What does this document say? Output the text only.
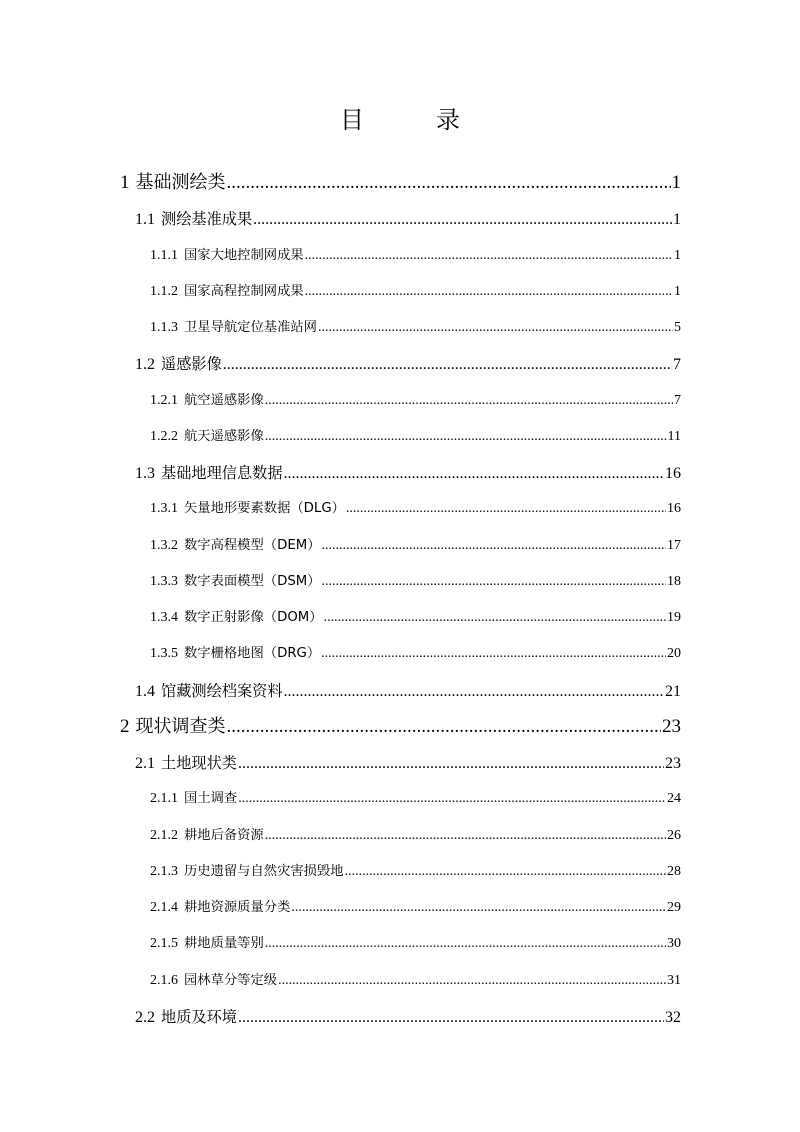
目　录
1 基础测绘类 .....	1
1.1 测绘基准成果 .....	1
1.1.1 国家大地控制网成果 .....	1
1.1.2 国家高程控制网成果 .....	1
1.1.3 卫星导航定位基准站网 .....	5
1.2 遥感影像 .....	7
1.2.1 航空遥感影像 .....	7
1.2.2 航天遥感影像 .....	11
1.3 基础地理信息数据 .....	16
1.3.1 矢量地形要素数据（DLG） .....	16
1.3.2 数字高程模型（DEM） .....	17
1.3.3 数字表面模型（DSM） .....	18
1.3.4 数字正射影像（DOM） .....	19
1.3.5 数字栅格地图（DRG） .....	20
1.4 馆藏测绘档案资料 .....	21
2 现状调查类 .....	23
2.1 土地现状类 .....	23
2.1.1 国土调查 .....	24
2.1.2 耕地后备资源 .....	26
2.1.3 历史遗留与自然灾害损毁地 .....	28
2.1.4 耕地资源质量分类 .....	29
2.1.5 耕地质量等别 .....	30
2.1.6 园林草分等定级 .....	31
2.2 地质及环境 .....	32
